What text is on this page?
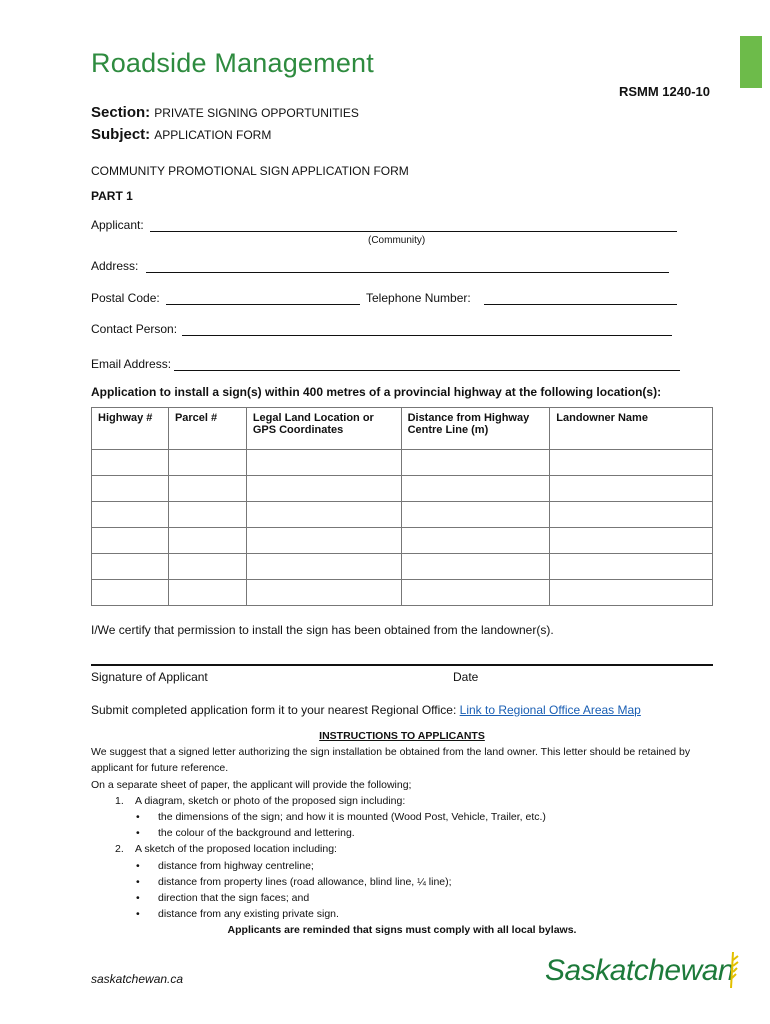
Roadside Management
RSMM 1240-10
Section: PRIVATE SIGNING OPPORTUNITIES
Subject: APPLICATION FORM
COMMUNITY PROMOTIONAL SIGN APPLICATION FORM
PART 1
Applicant:
(Community)
Address:
Postal Code:	Telephone Number:
Contact Person:
Email Address:
Application to install a sign(s) within 400 metres of a provincial highway at the following location(s):
Highway #	Parcel #	Legal Land Location or GPS Coordinates	Distance from Highway Centre Line (m)	Landowner Name

I/We certify that permission to install the sign has been obtained from the landowner(s).
Signature of Applicant	Date
Submit completed application form it to your nearest Regional Office: Link to Regional Office Areas Map
INSTRUCTIONS TO APPLICANTS
We suggest that a signed letter authorizing the sign installation be obtained from the land owner. This letter should be retained by applicant for future reference.
On a separate sheet of paper, the applicant will provide the following;
1. A diagram, sketch or photo of the proposed sign including:
• the dimensions of the sign; and how it is mounted (Wood Post, Vehicle, Trailer, etc.)
• the colour of the background and lettering.
2. A sketch of the proposed location including:
• distance from highway centreline;
• distance from property lines (road allowance, blind line, ¼ line);
• direction that the sign faces; and
• distance from any existing private sign.
Applicants are reminded that signs must comply with all local bylaws.
saskatchewan.ca	Saskatchewan
